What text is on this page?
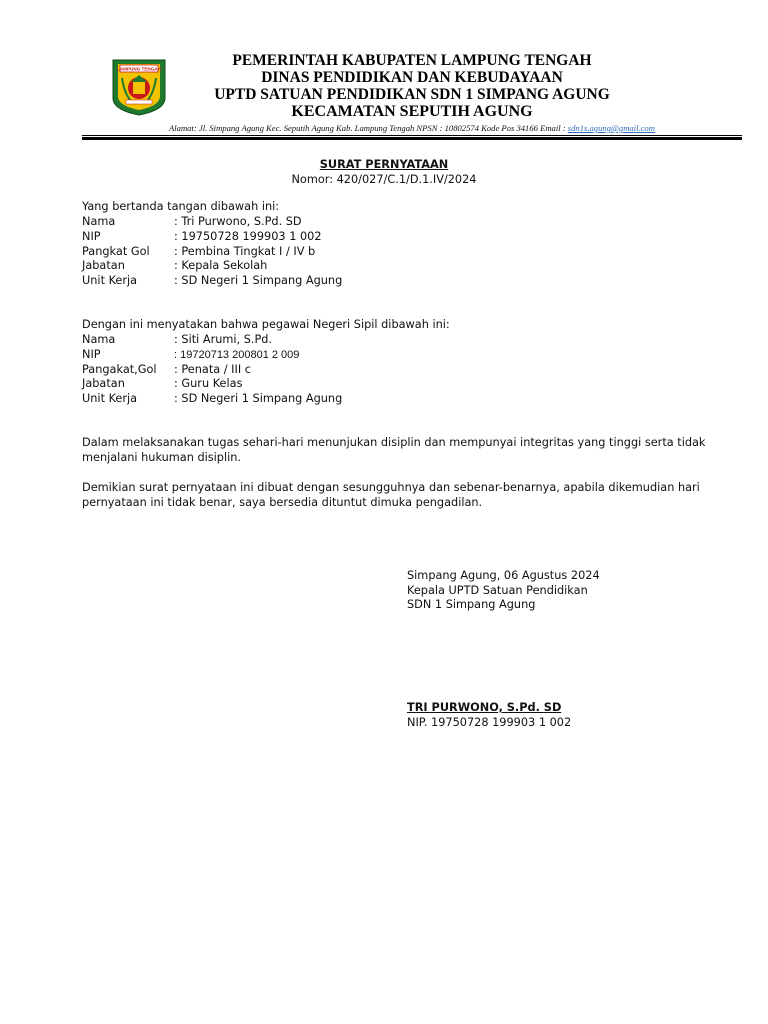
LAMPUNG TENGAH
PEMERINTAH KABUPATEN LAMPUNG TENGAH
DINAS PENDIDIKAN DAN KEBUDAYAAN
UPTD SATUAN PENDIDIKAN SDN 1 SIMPANG AGUNG
KECAMATAN SEPUTIH AGUNG
Alamat: Jl. Simpang Agung Kec. Seputih Agung Kab. Lampung Tengah NPSN : 10802574 Kode Pos 34166 Email : sdn1s.agung@gmail.com
SURAT PERNYATAAN
Nomor: 420/027/C.1/D.1.IV/2024
Yang bertanda tangan dibawah ini:
Nama	: Tri Purwono, S.Pd. SD
NIP	: 19750728 199903 1 002
Pangkat Gol : Pembina Tingkat I / IV b
Jabatan	: Kepala Sekolah
Unit Kerja	: SD Negeri 1 Simpang Agung
Dengan ini menyatakan bahwa pegawai Negeri Sipil dibawah ini:
Nama	: Siti Arumi, S.Pd.
NIP	: 19720713 200801 2 009
Pangakat,Gol : Penata / III c
Jabatan	: Guru Kelas
Unit Kerja	: SD Negeri 1 Simpang Agung
Dalam melaksanakan tugas sehari-hari menunjukan disiplin dan mempunyai integritas yang tinggi serta tidak
menjalani hukuman disiplin.
Demikian surat pernyataan ini dibuat dengan sesungguhnya dan sebenar-benarnya, apabila dikemudian hari
pernyataan ini tidak benar, saya bersedia dituntut dimuka pengadilan.
Simpang Agung, 06 Agustus 2024
Kepala UPTD Satuan Pendidikan
SDN 1 Simpang Agung
TRI PURWONO, S.Pd. SD
NIP. 19750728 199903 1 002
